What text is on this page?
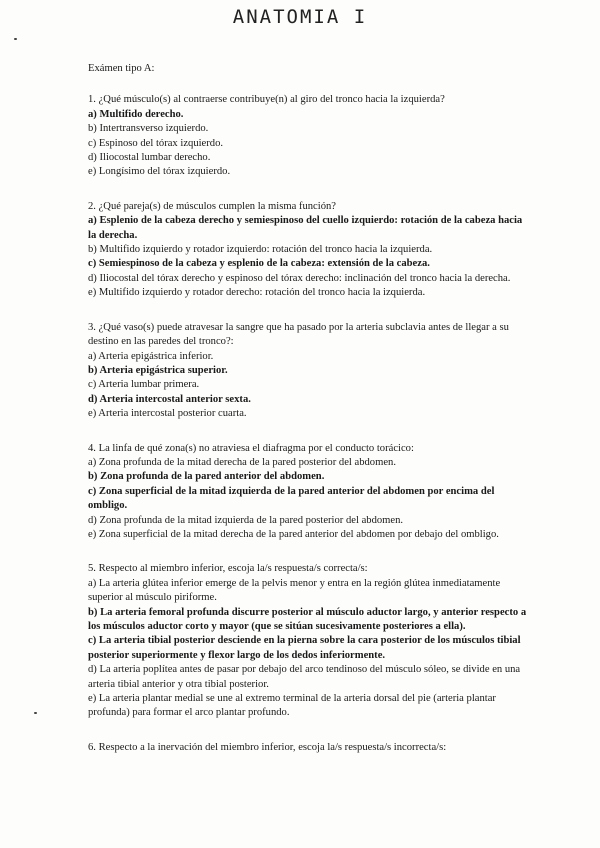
ANATOMIA I

Exámen tipo A:

1. ¿Qué músculo(s) al contraerse contribuye(n) al giro del tronco hacia la izquierda?

a) Multifido derecho.

b) Intertransverso izquierdo.

c) Espinoso del tórax izquierdo.

d) Iliocostal lumbar derecho.

e) Longísimo del tórax izquierdo.

2. ¿Qué pareja(s) de músculos cumplen la misma función?

a) Esplenio de la cabeza derecho y semiespinoso del cuello izquierdo: rotación de la cabeza hacia la derecha.

b) Multifido izquierdo y rotador izquierdo: rotación del tronco hacia la izquierda.

c) Semiespinoso de la cabeza y esplenio de la cabeza: extensión de la cabeza.

d) Iliocostal del tórax derecho y espinoso del tórax derecho: inclinación del tronco hacia la derecha.

e) Multifido izquierdo y rotador derecho: rotación del tronco hacia la izquierda.

3. ¿Qué vaso(s) puede atravesar la sangre que ha pasado por la arteria subclavia antes de llegar a su destino en las paredes del tronco?:

a) Arteria epigástrica inferior.

b) Arteria epigástrica superior.

c) Arteria lumbar primera.

d) Arteria intercostal anterior sexta.

e) Arteria intercostal posterior cuarta.

4. La linfa de qué zona(s) no atraviesa el diafragma por el conducto torácico:

a) Zona profunda de la mitad derecha de la pared posterior del abdomen.

b) Zona profunda de la pared anterior del abdomen.

c) Zona superficial de la mitad izquierda de la pared anterior del abdomen por encima del ombligo.

d) Zona profunda de la mitad izquierda de la pared posterior del abdomen.

e) Zona superficial de la mitad derecha de la pared anterior del abdomen por debajo del ombligo.

5. Respecto al miembro inferior, escoja la/s respuesta/s correcta/s:

a) La arteria glútea inferior emerge de la pelvis menor y entra en la región glútea inmediatamente superior al músculo piriforme.

b) La arteria femoral profunda discurre posterior al músculo aductor largo, y anterior respecto a los músculos aductor corto y mayor (que se sitúan sucesivamente posteriores a ella).

c) La arteria tibial posterior desciende en la pierna sobre la cara posterior de los músculos tibial posterior superiormente y flexor largo de los dedos inferiormente.

d) La arteria poplítea antes de pasar por debajo del arco tendinoso del músculo sóleo, se divide en una arteria tibial anterior y otra tibial posterior.

e) La arteria plantar medial se une al extremo terminal de la arteria dorsal del pie (arteria plantar profunda) para formar el arco plantar profundo.

6. Respecto a la inervación del miembro inferior, escoja la/s respuesta/s incorrecta/s:
